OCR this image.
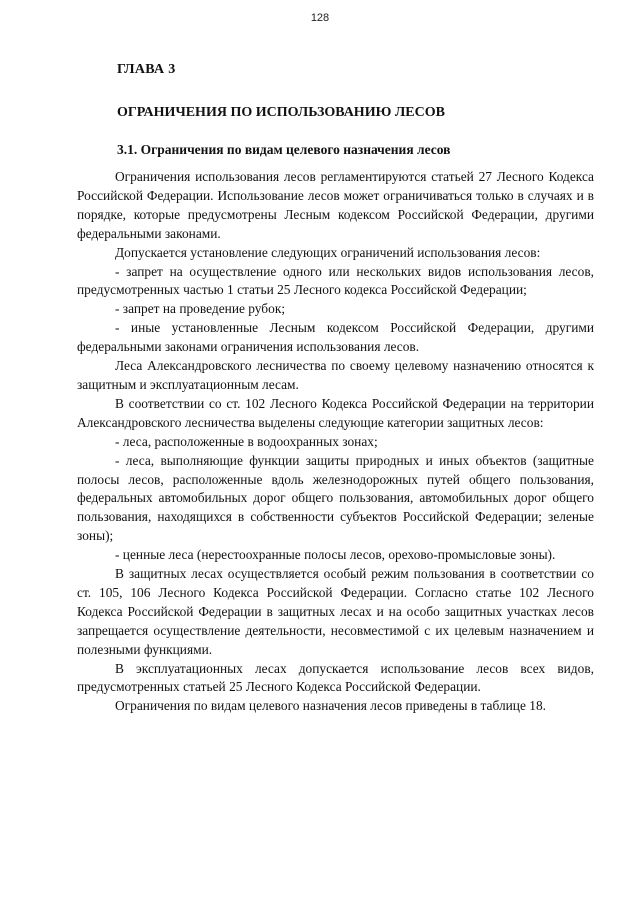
128
ГЛАВА 3
ОГРАНИЧЕНИЯ ПО ИСПОЛЬЗОВАНИЮ ЛЕСОВ
3.1. Ограничения по видам целевого назначения лесов

Ограничения использования лесов регламентируются статьей 27 Лесного Кодекса Российской Федерации. Использование лесов может ограничиваться только в случаях и в порядке, которые предусмотрены Лесным кодексом Российской Федерации, другими федеральными законами.

Допускается установление следующих ограничений использования лесов:

- запрет на осуществление одного или нескольких видов использования лесов, предусмотренных частью 1 статьи 25 Лесного кодекса Российской Федерации;

- запрет на проведение рубок;

- иные установленные Лесным кодексом Российской Федерации, другими федеральными законами ограничения использования лесов.

Леса Александровского лесничества по своему целевому назначению относятся к защитным и эксплуатационным лесам.

В соответствии со ст. 102 Лесного Кодекса Российской Федерации на территории Александровского лесничества выделены следующие категории защитных лесов:

- леса, расположенные в водоохранных зонах;

- леса, выполняющие функции защиты природных и иных объектов (защитные полосы лесов, расположенные вдоль железнодорожных путей общего пользования, федеральных автомобильных дорог общего пользования, автомобильных дорог общего пользования, находящихся в собственности субъектов Российской Федерации; зеленые зоны);

- ценные леса (нерестоохранные полосы лесов, орехово-промысловые зоны).

В защитных лесах осуществляется особый режим пользования в соответствии со ст. 105, 106 Лесного Кодекса Российской Федерации. Согласно статье 102 Лесного Кодекса Российской Федерации в защитных лесах и на особо защитных участках лесов запрещается осуществление деятельности, несовместимой с их целевым назначением и полезными функциями.

В эксплуатационных лесах допускается использование лесов всех видов, предусмотренных статьей 25 Лесного Кодекса Российской Федерации.

Ограничения по видам целевого назначения лесов приведены в таблице 18.
